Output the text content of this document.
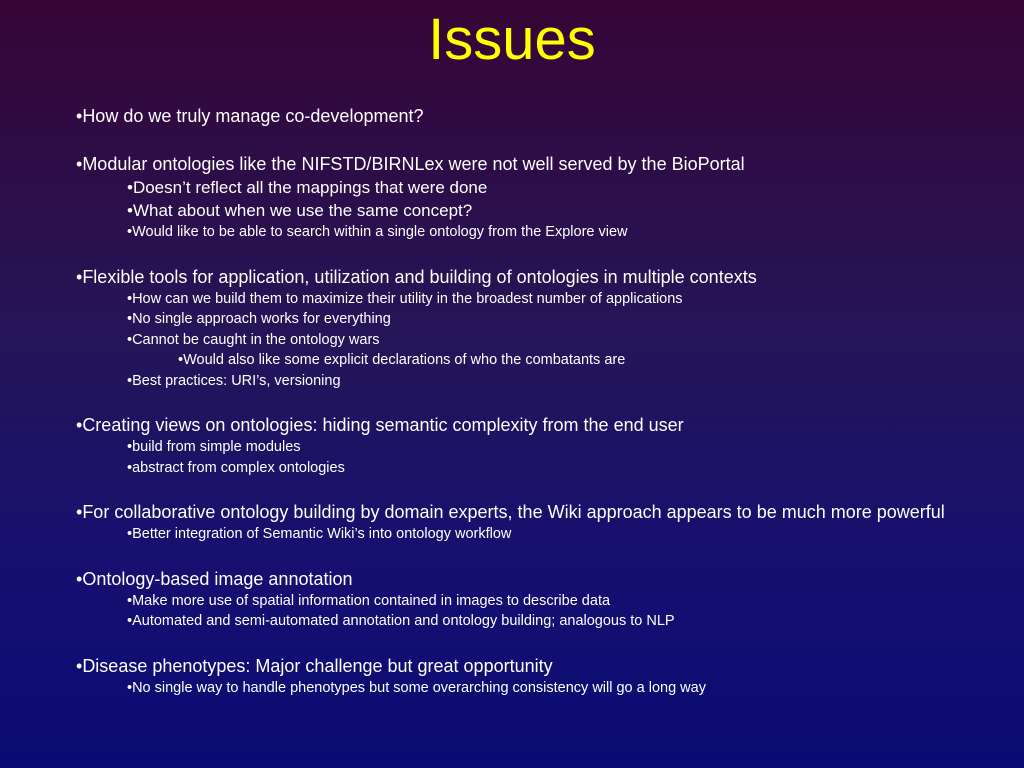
Issues
•How do we truly manage co-development?
•Modular ontologies like the NIFSTD/BIRNLex were not well served by the BioPortal
•Doesn’t reflect all the mappings that were done
•What about when we use the same concept?
•Would like to be able to search within a single ontology from the Explore view
•Flexible tools for application, utilization and building of ontologies in multiple contexts
•How can we build them to maximize their utility in the broadest number of applications
•No single approach works for everything
•Cannot be caught in the ontology wars
•Would also like some explicit declarations of who the combatants are
•Best practices: URI’s, versioning
•Creating views on ontologies: hiding semantic complexity from the end user
•build from simple modules
•abstract from complex ontologies
•For collaborative ontology building by domain experts, the Wiki approach appears to be much more powerful
•Better integration of Semantic Wiki’s into ontology workflow
•Ontology-based image annotation
•Make more use of spatial information contained in images to describe data
•Automated and semi-automated annotation and ontology building; analogous to NLP
•Disease phenotypes: Major challenge but great opportunity
•No single way to handle phenotypes but some overarching consistency will go a long way
